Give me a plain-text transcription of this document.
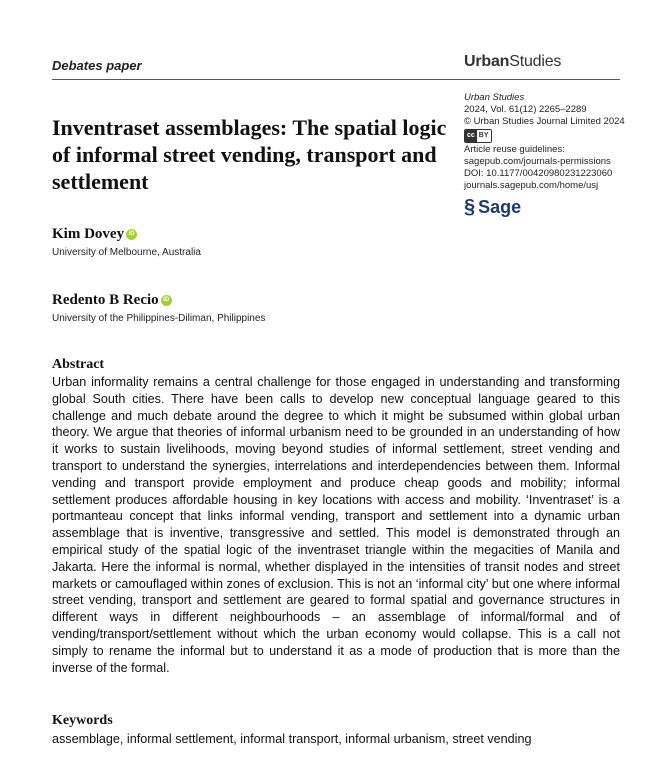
Debates paper	UrbanStudies
Urban Studies
2024, Vol. 61(12) 2265–2289
© Urban Studies Journal Limited 2024
cc BY
Article reuse guidelines:
sagepub.com/journals-permissions
DOI: 10.1177/00420980231223060
journals.sagepub.com/home/usj
§ Sage
Inventraset assemblages: The spatial logic of informal street vending, transport and settlement
Kim Dovey iD
University of Melbourne, Australia
Redento B Recio iD
University of the Philippines-Diliman, Philippines
Abstract
Urban informality remains a central challenge for those engaged in understanding and transforming global South cities. There have been calls to develop new conceptual language geared to this challenge and much debate around the degree to which it might be subsumed within global urban theory. We argue that theories of informal urbanism need to be grounded in an understanding of how it works to sustain livelihoods, moving beyond studies of informal settlement, street vending and transport to understand the synergies, interrelations and interdependencies between them. Informal vending and transport provide employment and produce cheap goods and mobility; informal settlement produces affordable housing in key locations with access and mobility. ‘Inventraset’ is a portmanteau concept that links informal vending, transport and settlement into a dynamic urban assemblage that is inventive, transgressive and settled. This model is demonstrated through an empirical study of the spatial logic of the inventraset triangle within the megacities of Manila and Jakarta. Here the informal is normal, whether displayed in the intensities of transit nodes and street markets or camouflaged within zones of exclusion. This is not an ‘informal city’ but one where informal street vending, transport and settlement are geared to formal spatial and governance structures in different ways in different neighbourhoods – an assemblage of informal/formal and of vending/transport/settlement without which the urban economy would collapse. This is a call not simply to rename the informal but to understand it as a mode of production that is more than the inverse of the formal.
Keywords
assemblage, informal settlement, informal transport, informal urbanism, street vending
